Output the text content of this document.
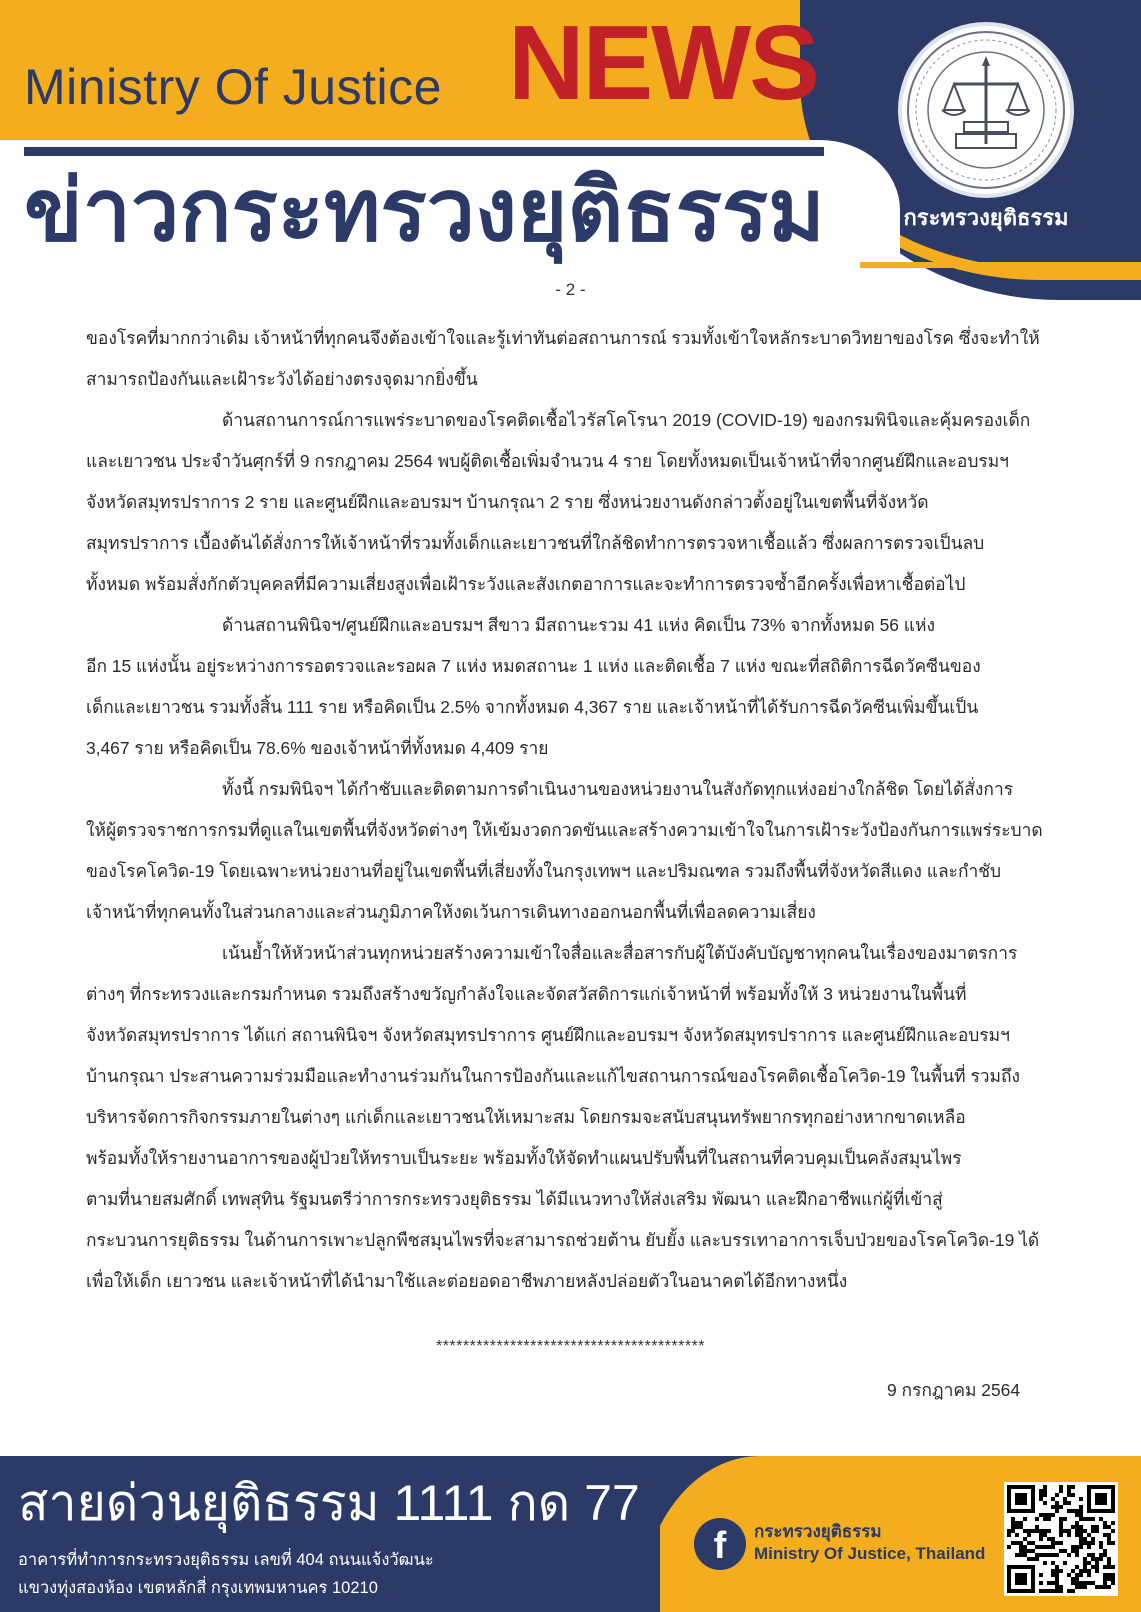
Ministry Of Justice NEWS
ข่าวกระทรวงยุติธรรม	กระทรวงยุติธรรม
- 2 -

ของโรคที่มากกว่าเดิม เจ้าหน้าที่ทุกคนจึงต้องเข้าใจและรู้เท่าทันต่อสถานการณ์ รวมทั้งเข้าใจหลักระบาดวิทยาของโรค ซึ่งจะทำให้

สามารถป้องกันและเฝ้าระวังได้อย่างตรงจุดมากยิ่งขึ้น

ด้านสถานการณ์การแพร่ระบาดของโรคติดเชื้อไวรัสโคโรนา 2019 (COVID-19) ของกรมพินิจและคุ้มครองเด็ก

และเยาวชน ประจำวันศุกร์ที่ 9 กรกฎาคม 2564 พบผู้ติดเชื้อเพิ่มจำนวน 4 ราย โดยทั้งหมดเป็นเจ้าหน้าที่จากศูนย์ฝึกและอบรมฯ

จังหวัดสมุทรปราการ 2 ราย และศูนย์ฝึกและอบรมฯ บ้านกรุณา 2 ราย ซึ่งหน่วยงานดังกล่าวตั้งอยู่ในเขตพื้นที่จังหวัด

สมุทรปราการ เบื้องต้นได้สั่งการให้เจ้าหน้าที่รวมทั้งเด็กและเยาวชนที่ใกล้ชิดทำการตรวจหาเชื้อแล้ว ซึ่งผลการตรวจเป็นลบ

ทั้งหมด พร้อมสั่งกักตัวบุคคลที่มีความเสี่ยงสูงเพื่อเฝ้าระวังและสังเกตอาการและจะทำการตรวจซ้ำอีกครั้งเพื่อหาเชื้อต่อไป

ด้านสถานพินิจฯ/ศูนย์ฝึกและอบรมฯ สีขาว มีสถานะรวม 41 แห่ง คิดเป็น 73% จากทั้งหมด 56 แห่ง

อีก 15 แห่งนั้น อยู่ระหว่างการรอตรวจและรอผล 7 แห่ง หมดสถานะ 1 แห่ง และติดเชื้อ 7 แห่ง ขณะที่สถิติการฉีดวัคซีนของ

เด็กและเยาวชน รวมทั้งสิ้น 111 ราย หรือคิดเป็น 2.5% จากทั้งหมด 4,367 ราย และเจ้าหน้าที่ได้รับการฉีดวัคซีนเพิ่มขึ้นเป็น

3,467 ราย หรือคิดเป็น 78.6% ของเจ้าหน้าที่ทั้งหมด 4,409 ราย

ทั้งนี้ กรมพินิจฯ ได้กำชับและติดตามการดำเนินงานของหน่วยงานในสังกัดทุกแห่งอย่างใกล้ชิด โดยได้สั่งการ

ให้ผู้ตรวจราชการกรมที่ดูแลในเขตพื้นที่จังหวัดต่างๆ ให้เข้มงวดกวดขันและสร้างความเข้าใจในการเฝ้าระวังป้องกันการแพร่ระบาด

ของโรคโควิด-19 โดยเฉพาะหน่วยงานที่อยู่ในเขตพื้นที่เสี่ยงทั้งในกรุงเทพฯ และปริมณฑล รวมถึงพื้นที่จังหวัดสีแดง และกำชับ

เจ้าหน้าที่ทุกคนทั้งในส่วนกลางและส่วนภูมิภาคให้งดเว้นการเดินทางออกนอกพื้นที่เพื่อลดความเสี่ยง

เน้นย้ำให้หัวหน้าส่วนทุกหน่วยสร้างความเข้าใจสื่อและสื่อสารกับผู้ใต้บังคับบัญชาทุกคนในเรื่องของมาตรการ

ต่างๆ ที่กระทรวงและกรมกำหนด รวมถึงสร้างขวัญกำลังใจและจัดสวัสดิการแก่เจ้าหน้าที่ พร้อมทั้งให้ 3 หน่วยงานในพื้นที่

จังหวัดสมุทรปราการ ได้แก่ สถานพินิจฯ จังหวัดสมุทรปราการ ศูนย์ฝึกและอบรมฯ จังหวัดสมุทรปราการ และศูนย์ฝึกและอบรมฯ

บ้านกรุณา ประสานความร่วมมือและทำงานร่วมกันในการป้องกันและแก้ไขสถานการณ์ของโรคติดเชื้อโควิด-19 ในพื้นที่ รวมถึง

บริหารจัดการกิจกรรมภายในต่างๆ แก่เด็กและเยาวชนให้เหมาะสม โดยกรมจะสนับสนุนทรัพยากรทุกอย่างหากขาดเหลือ

พร้อมทั้งให้รายงานอาการของผู้ป่วยให้ทราบเป็นระยะ พร้อมทั้งให้จัดทำแผนปรับพื้นที่ในสถานที่ควบคุมเป็นคลังสมุนไพร

ตามที่นายสมศักดิ์ เทพสุทิน รัฐมนตรีว่าการกระทรวงยุติธรรม ได้มีแนวทางให้ส่งเสริม พัฒนา และฝึกอาชีพแก่ผู้ที่เข้าสู่

กระบวนการยุติธรรม ในด้านการเพาะปลูกพืชสมุนไพรที่จะสามารถช่วยต้าน ยับยั้ง และบรรเทาอาการเจ็บป่วยของโรคโควิด-19 ได้

เพื่อให้เด็ก เยาวชน และเจ้าหน้าที่ได้นำมาใช้และต่อยอดอาชีพภายหลังปล่อยตัวในอนาคตได้อีกทางหนึ่ง

****************************************
9 กรกฎาคม 2564
สายด่วนยุติธรรม 1111 กด 77

อาคารที่ทำการกระทรวงยุติธรรม เลขที่ 404 ถนนแจ้งวัฒนะ

แขวงทุ่งสองห้อง เขตหลักสี่ กรุงเทพมหานคร 10210

f	กระทรวงยุติธรรม
Ministry Of Justice, Thailand
